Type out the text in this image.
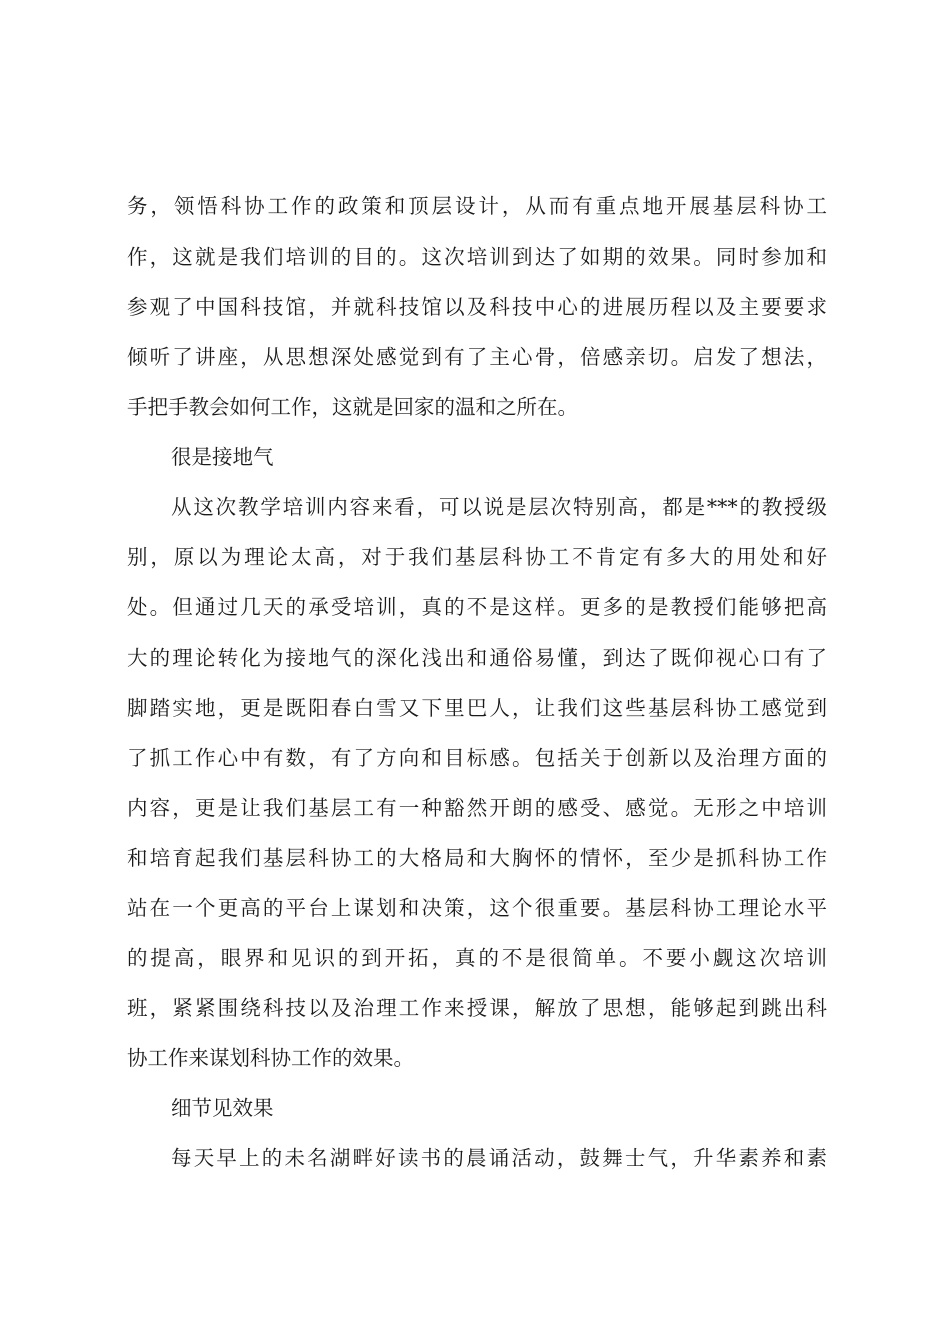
务，领悟科协工作的政策和顶层设计，从而有重点地开展基层科协工
作，这就是我们培训的目的。这次培训到达了如期的效果。同时参加和
参观了中国科技馆，并就科技馆以及科技中心的进展历程以及主要要求
倾听了讲座，从思想深处感觉到有了主心骨，倍感亲切。启发了想法，
手把手教会如何工作，这就是回家的温和之所在。
很是接地气
从这次教学培训内容来看，可以说是层次特别高，都是***的教授级
别，原以为理论太高，对于我们基层科协工不肯定有多大的用处和好
处。但通过几天的承受培训，真的不是这样。更多的是教授们能够把高
大的理论转化为接地气的深化浅出和通俗易懂，到达了既仰视心口有了
脚踏实地，更是既阳春白雪又下里巴人，让我们这些基层科协工感觉到
了抓工作心中有数，有了方向和目标感。包括关于创新以及治理方面的
内容，更是让我们基层工有一种豁然开朗的感受、感觉。无形之中培训
和培育起我们基层科协工的大格局和大胸怀的情怀，至少是抓科协工作
站在一个更高的平台上谋划和决策，这个很重要。基层科协工理论水平
的提高，眼界和见识的到开拓，真的不是很简单。不要小觑这次培训
班，紧紧围绕科技以及治理工作来授课，解放了思想，能够起到跳出科
协工作来谋划科协工作的效果。
细节见效果
每天早上的未名湖畔好读书的晨诵活动，鼓舞士气，升华素养和素
